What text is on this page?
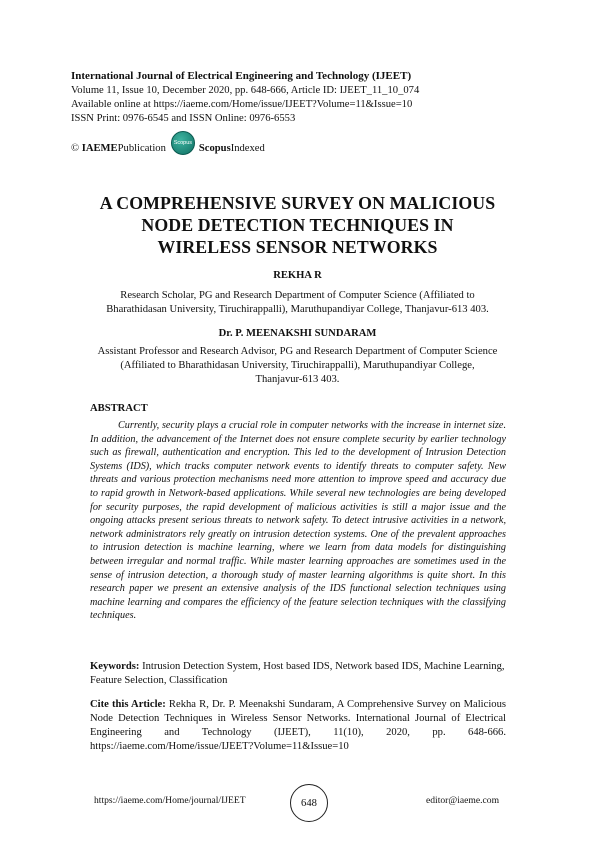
International Journal of Electrical Engineering and Technology (IJEET)
Volume 11, Issue 10, December 2020, pp. 648-666, Article ID: IJEET_11_10_074
Available online at https://iaeme.com/Home/issue/IJEET?Volume=11&Issue=10
ISSN Print: 0976-6545 and ISSN Online: 0976-6553
©
IAEME Publication	Scopus Scopus Indexed
A COMPREHENSIVE SURVEY ON MALICIOUS
NODE DETECTION TECHNIQUES IN
WIRELESS SENSOR NETWORKS
REKHA R
Research Scholar, PG and Research Department of Computer Science (Affiliated to
Bharathidasan University, Tiruchirappalli), Maruthupandiyar College, Thanjavur-613 403.
Dr. P. MEENAKSHI SUNDARAM
Assistant Professor and Research Advisor, PG and Research Department of Computer Science
(Affiliated to Bharathidasan University, Tiruchirappalli), Maruthupandiyar College,
Thanjavur-613 403.
ABSTRACT
Currently, security plays a crucial role in computer networks with the increase in internet size. In addition, the advancement of the Internet does not ensure complete security by earlier technology such as firewall, authentication and encryption. This led to the development of Intrusion Detection Systems (IDS), which tracks computer network events to identify threats to computer safety. New threats and various protection mechanisms need more attention to improve speed and accuracy due to rapid growth in Network-based applications. While several new technologies are being developed for security purposes, the rapid development of malicious activities is still a major issue and the ongoing attacks present serious threats to network safety. To detect intrusive activities in a network, network administrators rely greatly on intrusion detection systems. One of the prevalent approaches to intrusion detection is machine learning, where we learn from data models for distinguishing between irregular and normal traffic. While master learning approaches are sometimes used in the sense of intrusion detection, a thorough study of master learning algorithms is quite short. In this research paper we present an extensive analysis of the IDS functional selection techniques using machine learning and compares the efficiency of the feature selection techniques with the classifying techniques.
Keywords: Intrusion Detection System, Host based IDS, Network based IDS, Machine Learning, Feature Selection, Classification
Cite this Article: Rekha R, Dr. P. Meenakshi Sundaram, A Comprehensive Survey on Malicious Node Detection Techniques in Wireless Sensor Networks. International Journal of Electrical Engineering and Technology (IJEET), 11(10), 2020, pp. 648-666. https://iaeme.com/Home/issue/IJEET?Volume=11&Issue=10
https://iaeme.com/Home/journal/IJEET	648	editor@iaeme.com
